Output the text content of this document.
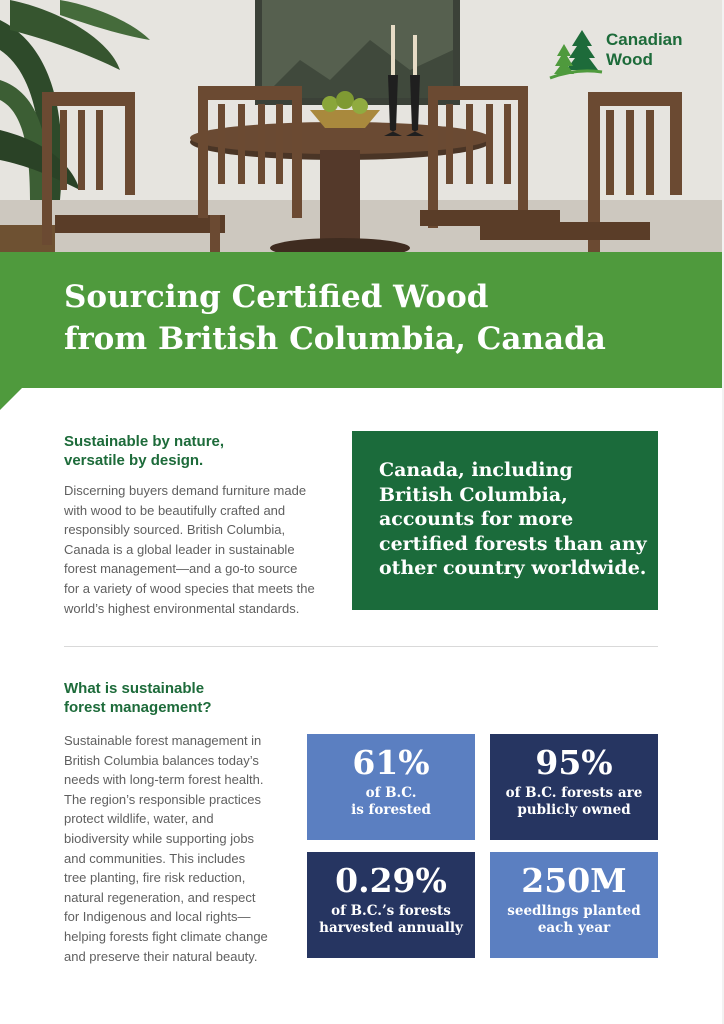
Canadian
Wood
Sourcing Certified Wood
from British Columbia, Canada
Sustainable by nature,
versatile by design.
Discerning buyers demand furniture made
with wood to be beautifully crafted and
responsibly sourced. British Columbia,
Canada is a global leader in sustainable
forest management—and a go-to source
for a variety of wood species that meets the
world’s highest environmental standards.
Canada, including
British Columbia,
accounts for more
certified forests than any
other country worldwide.
What is sustainable
forest management?
Sustainable forest management in
British Columbia balances today’s
needs with long-term forest health.
The region’s responsible practices
protect wildlife, water, and
biodiversity while supporting jobs
and communities. This includes
tree planting, fire risk reduction,
natural regeneration, and respect
for Indigenous and local rights—
helping forests fight climate change
and preserve their natural beauty.
61%
of B.C.
is forested
95%
of B.C. forests are
publicly owned
0.29%
of B.C.’s forests
harvested annually
250M
seedlings planted
each year
